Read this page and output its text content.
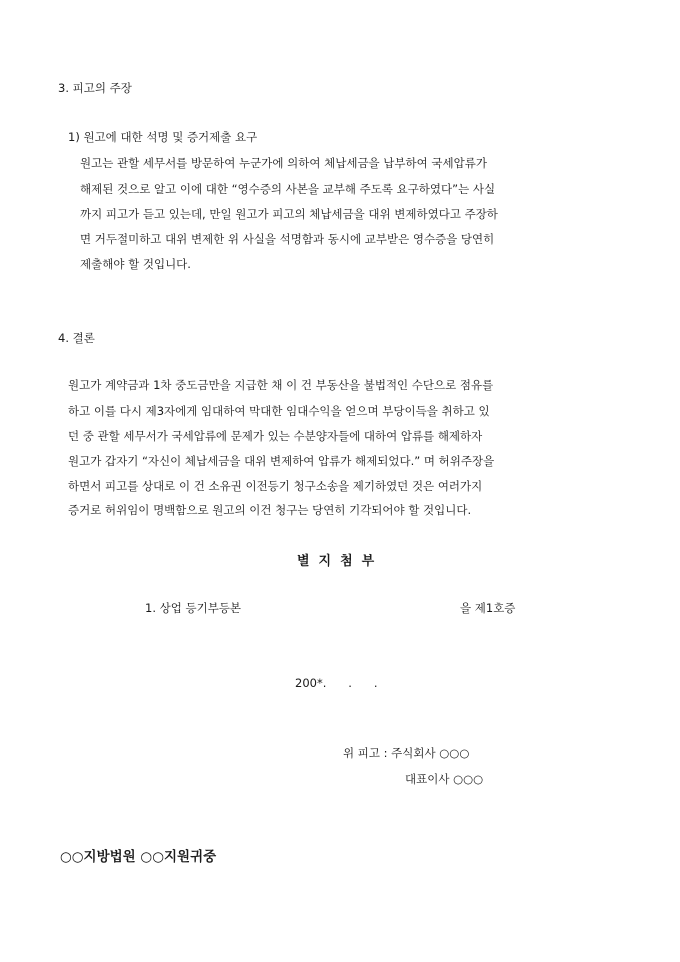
3. 피고의 주장
1) 원고에 대한 석명 및 증거제출 요구
원고는 관할 세무서를 방문하여 누군가에 의하여 체납세금을 납부하여 국세압류가
해제된 것으로 알고 이에 대한 “영수증의 사본을 교부해 주도록 요구하였다”는 사실
까지 피고가 듣고 있는데, 만일 원고가 피고의 체납세금을 대위 변제하였다고 주장하
면 거두절미하고 대위 변제한 위 사실을 석명함과 동시에 교부받은 영수증을 당연히
제출해야 할 것입니다.
4. 결론
원고가 계약금과 1차 중도금만을 지급한 채 이 건 부동산을 불법적인 수단으로 점유를
하고 이를 다시 제3자에게 임대하여 막대한 임대수익을 얻으며 부당이득을 취하고 있
던 중 관할 세무서가 국세압류에 문제가 있는 수분양자들에 대하여 압류를 해제하자
원고가 갑자기 “자신이 체납세금을 대위 변제하여 압류가 해제되었다.” 며 허위주장을
하면서 피고를 상대로 이 건 소유권 이전등기 청구소송을 제기하였던 것은 여러가지
증거로 허위임이 명백함으로 원고의 이건 청구는 당연히 기각되어야 할 것입니다.
별지첨부
1. 상업 등기부등본	을 제1호증
200*.      .      .
위 피고 : 주식회사 ○○○
대표이사 ○○○
○○지방법원 ○○지원귀중
